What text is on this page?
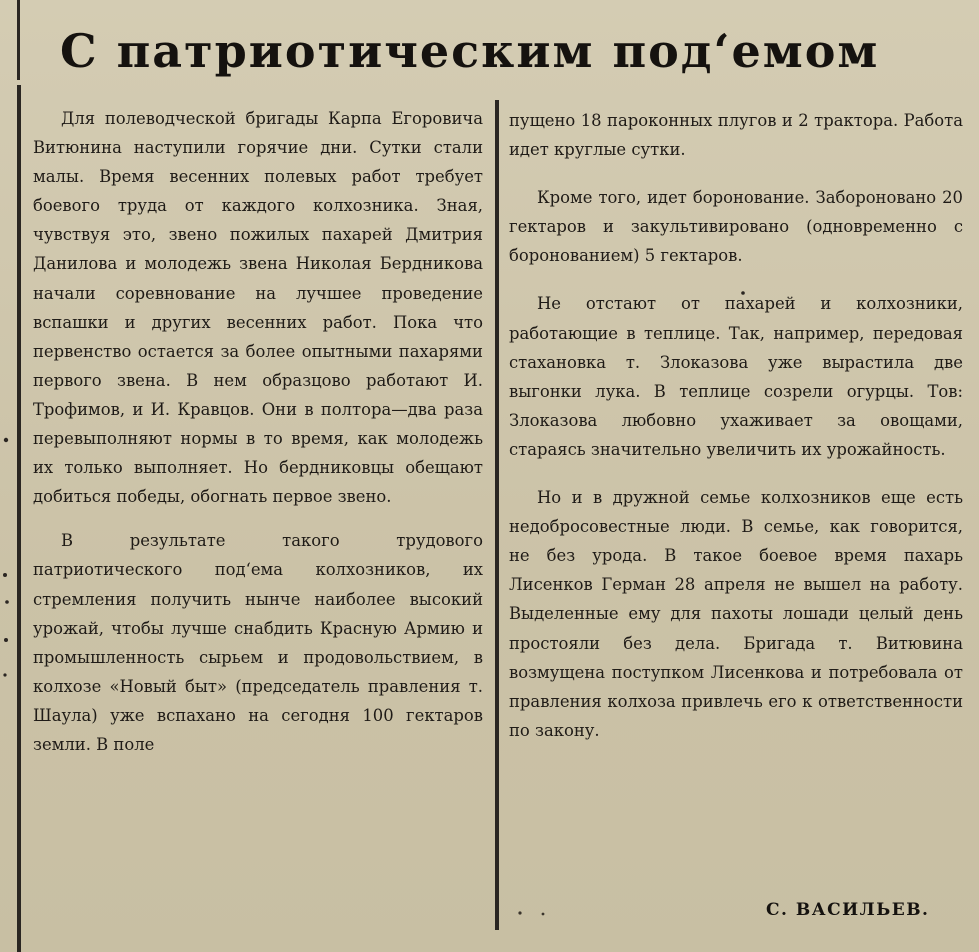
С патриотическим под‘емом

Для полеводческой бригады Карпа Егоровича Витюнина наступили горячие дни. Сутки стали малы. Время весенних полевых работ требует боевого труда от каждого колхозника. Зная, чувствуя это, звено пожилых пахарей Дмитрия Данилова и молодежь звена Николая Бердникова начали соревнование на лучшее проведение вспашки и других весенних работ. Пока что первенство остается за более опытными пахарями первого звена. В нем образцово работают И. Трофимов, и И. Кравцов. Они в полтора—два раза перевыполняют нормы в то время, как молодежь их только выполняет. Но бердниковцы обещают добиться победы, обогнать первое звено.

В результате такого трудового патриотического под‘ема колхозников, их стремления получить нынче наиболее высокий урожай, чтобы лучше снабдить Красную Армию и промышленность сырьем и продовольствием, в колхозе «Новый быт» (председатель правления т. Шаула) уже вспахано на сегодня 100 гектаров земли. В поле

пущено 18 пароконных плугов и 2 трактора. Работа идет круглые сутки.

Кроме того, идет боронование. Заборонованo 20 гектаров и закультивировано (одновременно с боронованием) 5 гектаров.

Не отстают от пахарей и колхозники, работающие в теплице. Так, например, передовая стахановка т. Злоказова уже вырастила две выгонки лука. В теплице созрели огурцы. Тов: Злоказова любовно ухаживает за овощами, стараясь значительно увеличить их урожайность.

Но и в дружной семье колхозников еще есть недобросовестные люди. В семье, как говорится, не без урода. В такое боевое время пахарь Лисенков Герман 28 апреля не вышел на работу. Выделенные ему для пахоты лошади целый день простояли без дела. Бригада т. Витювина возмущена поступком Лисенкова и потребовала от правления колхоза привлечь его к ответственности по закону.

С. ВАСИЛЬЕВ.
